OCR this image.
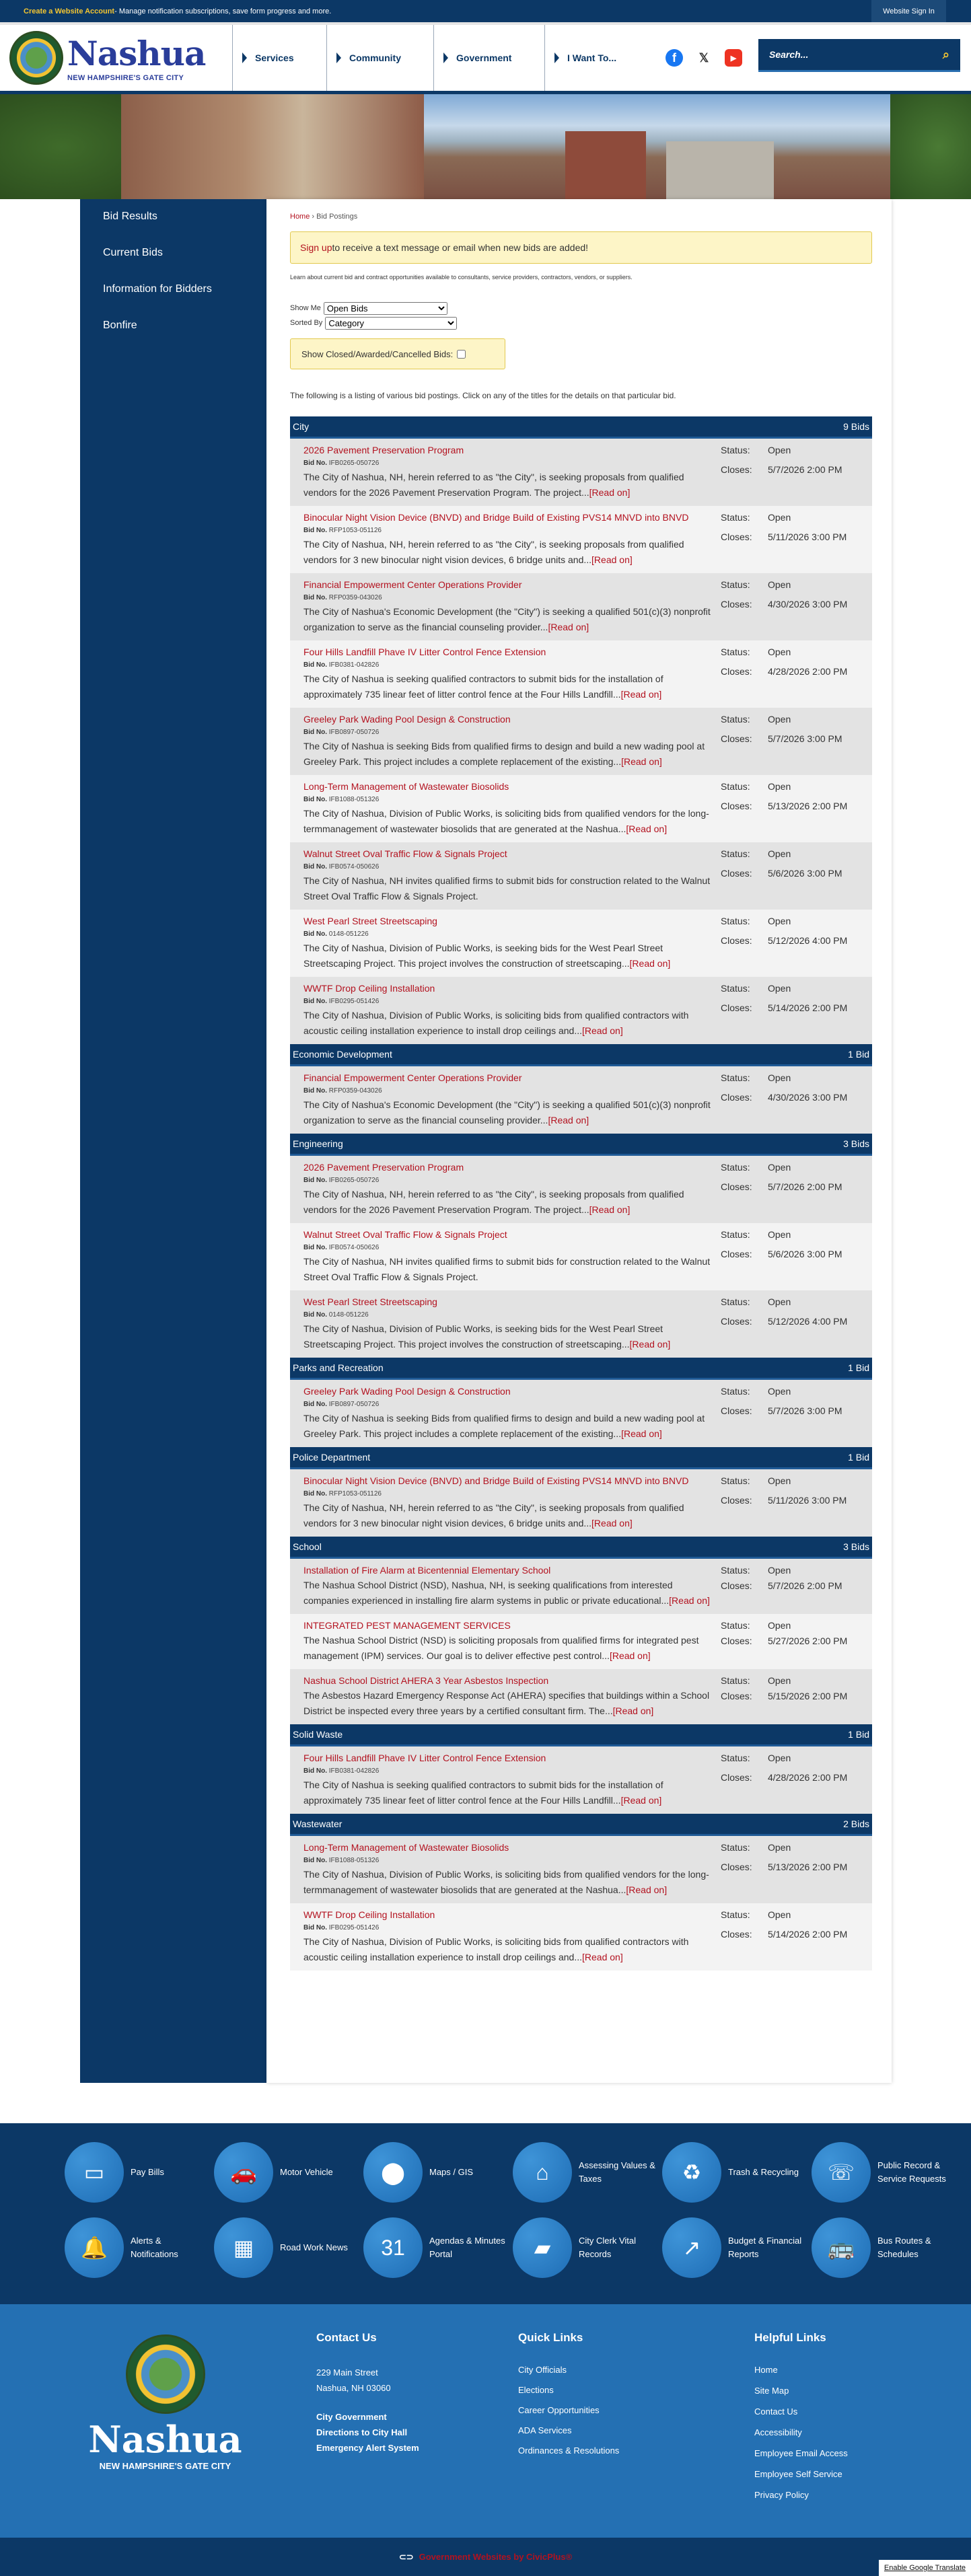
Create a Website Account - Manage notification subscriptions, save form progress and more.	Website Sign In
Nashua
NEW HAMPSHIRE'S GATE CITY
Services	Community	Government	I Want To...	f	𝕏	▶	Search...	⌕
Bid Results
Current Bids
Information for Bidders
Bonfire
Home › Bid Postings
Sign up to receive a text message or email when new bids are added!
Learn about current bid and contract opportunities available to consultants, service providers, contractors, vendors, or suppliers.
Show Me
Open Bids
Sorted By
Category
Show Closed/Awarded/Cancelled Bids:
The following is a listing of various bid postings. Click on any of the titles for the details on that particular bid.
City	9 Bids
2026 Pavement Preservation Program
Bid No. IFB0265-050726
The City of Nashua, NH, herein referred to as "the City", is seeking proposals from qualified vendors for the 2026 Pavement Preservation Program. The project...[Read on]
Status:	Open
Closes:	5/7/2026 2:00 PM
Binocular Night Vision Device (BNVD) and Bridge Build of Existing PVS14 MNVD into BNVD
Bid No. RFP1053-051126
The City of Nashua, NH, herein referred to as "the City", is seeking proposals from qualified vendors for 3 new binocular night vision devices, 6 bridge units and...[Read on]
Status:	Open
Closes:	5/11/2026 3:00 PM
Financial Empowerment Center Operations Provider
Bid No. RFP0359-043026
The City of Nashua's Economic Development (the "City") is seeking a qualified 501(c)(3) nonprofit organization to serve as the financial counseling provider...[Read on]
Status:	Open
Closes:	4/30/2026 3:00 PM
Four Hills Landfill Phave IV Litter Control Fence Extension
Bid No. IFB0381-042826
The City of Nashua is seeking qualified contractors to submit bids for the installation of approximately 735 linear feet of litter control fence at the Four Hills Landfill...[Read on]
Status:	Open
Closes:	4/28/2026 2:00 PM
Greeley Park Wading Pool Design & Construction
Bid No. IFB0897-050726
The City of Nashua is seeking Bids from qualified firms to design and build a new wading pool at Greeley Park. This project includes a complete replacement of the existing...[Read on]
Status:	Open
Closes:	5/7/2026 3:00 PM
Long-Term Management of Wastewater Biosolids
Bid No. IFB1088-051326
The City of Nashua, Division of Public Works, is soliciting bids from qualified vendors for the long-termmanagement of wastewater biosolids that are generated at the Nashua...[Read on]
Status:	Open
Closes:	5/13/2026 2:00 PM
Walnut Street Oval Traffic Flow & Signals Project
Bid No. IFB0574-050626
The City of Nashua, NH invites qualified firms to submit bids for construction related to the Walnut Street Oval Traffic Flow & Signals Project.
Status:	Open
Closes:	5/6/2026 3:00 PM
West Pearl Street Streetscaping
Bid No. 0148-051226
The City of Nashua, Division of Public Works, is seeking bids for the West Pearl Street Streetscaping Project. This project involves the construction of streetscaping...[Read on]
Status:	Open
Closes:	5/12/2026 4:00 PM
WWTF Drop Ceiling Installation
Bid No. IFB0295-051426
The City of Nashua, Division of Public Works, is soliciting bids from qualified contractors with acoustic ceiling installation experience to install drop ceilings and...[Read on]
Status:	Open
Closes:	5/14/2026 2:00 PM
Economic Development	1 Bid
Financial Empowerment Center Operations Provider
Bid No. RFP0359-043026
The City of Nashua's Economic Development (the "City") is seeking a qualified 501(c)(3) nonprofit organization to serve as the financial counseling provider...[Read on]
Status:	Open
Closes:	4/30/2026 3:00 PM
Engineering	3 Bids
2026 Pavement Preservation Program
Bid No. IFB0265-050726
The City of Nashua, NH, herein referred to as "the City", is seeking proposals from qualified vendors for the 2026 Pavement Preservation Program. The project...[Read on]
Status:	Open
Closes:	5/7/2026 2:00 PM
Walnut Street Oval Traffic Flow & Signals Project
Bid No. IFB0574-050626
The City of Nashua, NH invites qualified firms to submit bids for construction related to the Walnut Street Oval Traffic Flow & Signals Project.
Status:	Open
Closes:	5/6/2026 3:00 PM
West Pearl Street Streetscaping
Bid No. 0148-051226
The City of Nashua, Division of Public Works, is seeking bids for the West Pearl Street Streetscaping Project. This project involves the construction of streetscaping...[Read on]
Status:	Open
Closes:	5/12/2026 4:00 PM
Parks and Recreation	1 Bid
Greeley Park Wading Pool Design & Construction
Bid No. IFB0897-050726
The City of Nashua is seeking Bids from qualified firms to design and build a new wading pool at Greeley Park. This project includes a complete replacement of the existing...[Read on]
Status:	Open
Closes:	5/7/2026 3:00 PM
Police Department	1 Bid
Binocular Night Vision Device (BNVD) and Bridge Build of Existing PVS14 MNVD into BNVD
Bid No. RFP1053-051126
The City of Nashua, NH, herein referred to as "the City", is seeking proposals from qualified vendors for 3 new binocular night vision devices, 6 bridge units and...[Read on]
Status:	Open
Closes:	5/11/2026 3:00 PM
School	3 Bids
Installation of Fire Alarm at Bicentennial Elementary School
The Nashua School District (NSD), Nashua, NH, is seeking qualifications from interested companies experienced in installing fire alarm systems in public or private educational...[Read on]
Status:	Open
Closes:	5/7/2026 2:00 PM
INTEGRATED PEST MANAGEMENT SERVICES
The Nashua School District (NSD) is soliciting proposals from qualified firms for integrated pest management (IPM) services. Our goal is to deliver effective pest control...[Read on]
Status:	Open
Closes:	5/27/2026 2:00 PM
Nashua School District AHERA 3 Year Asbestos Inspection
The Asbestos Hazard Emergency Response Act (AHERA) specifies that buildings within a School District be inspected every three years by a certified consultant firm. The...[Read on]
Status:	Open
Closes:	5/15/2026 2:00 PM
Solid Waste	1 Bid
Four Hills Landfill Phave IV Litter Control Fence Extension
Bid No. IFB0381-042826
The City of Nashua is seeking qualified contractors to submit bids for the installation of approximately 735 linear feet of litter control fence at the Four Hills Landfill...[Read on]
Status:	Open
Closes:	4/28/2026 2:00 PM
Wastewater	2 Bids
Long-Term Management of Wastewater Biosolids
Bid No. IFB1088-051326
The City of Nashua, Division of Public Works, is soliciting bids from qualified vendors for the long-termmanagement of wastewater biosolids that are generated at the Nashua...[Read on]
Status:	Open
Closes:	5/13/2026 2:00 PM
WWTF Drop Ceiling Installation
Bid No. IFB0295-051426
The City of Nashua, Division of Public Works, is soliciting bids from qualified contractors with acoustic ceiling installation experience to install drop ceilings and...[Read on]
Status:	Open
Closes:	5/14/2026 2:00 PM
▭	Pay Bills	🚗	Motor Vehicle	⬤	Maps / GIS	⌂	Assessing Values & Taxes	♻	Trash & Recycling	☏	Public Record & Service Requests
🔔	Alerts & Notifications	▦	Road Work News	31	Agendas & Minutes Portal	▰	City Clerk Vital Records	↗	Budget & Financial Reports	🚌	Bus Routes & Schedules
Nashua
NEW HAMPSHIRE'S GATE CITY
Contact Us
229 Main Street
Nashua, NH 03060
City Government
Directions to City Hall
Emergency Alert System
Quick Links
City Officials
Elections
Career Opportunities
ADA Services
Ordinances & Resolutions
Helpful Links
Home
Site Map
Contact Us
Accessibility
Employee Email Access
Employee Self Service
Privacy Policy
⊂⊃ Government Websites by CivicPlus®
Enable Google Translate
